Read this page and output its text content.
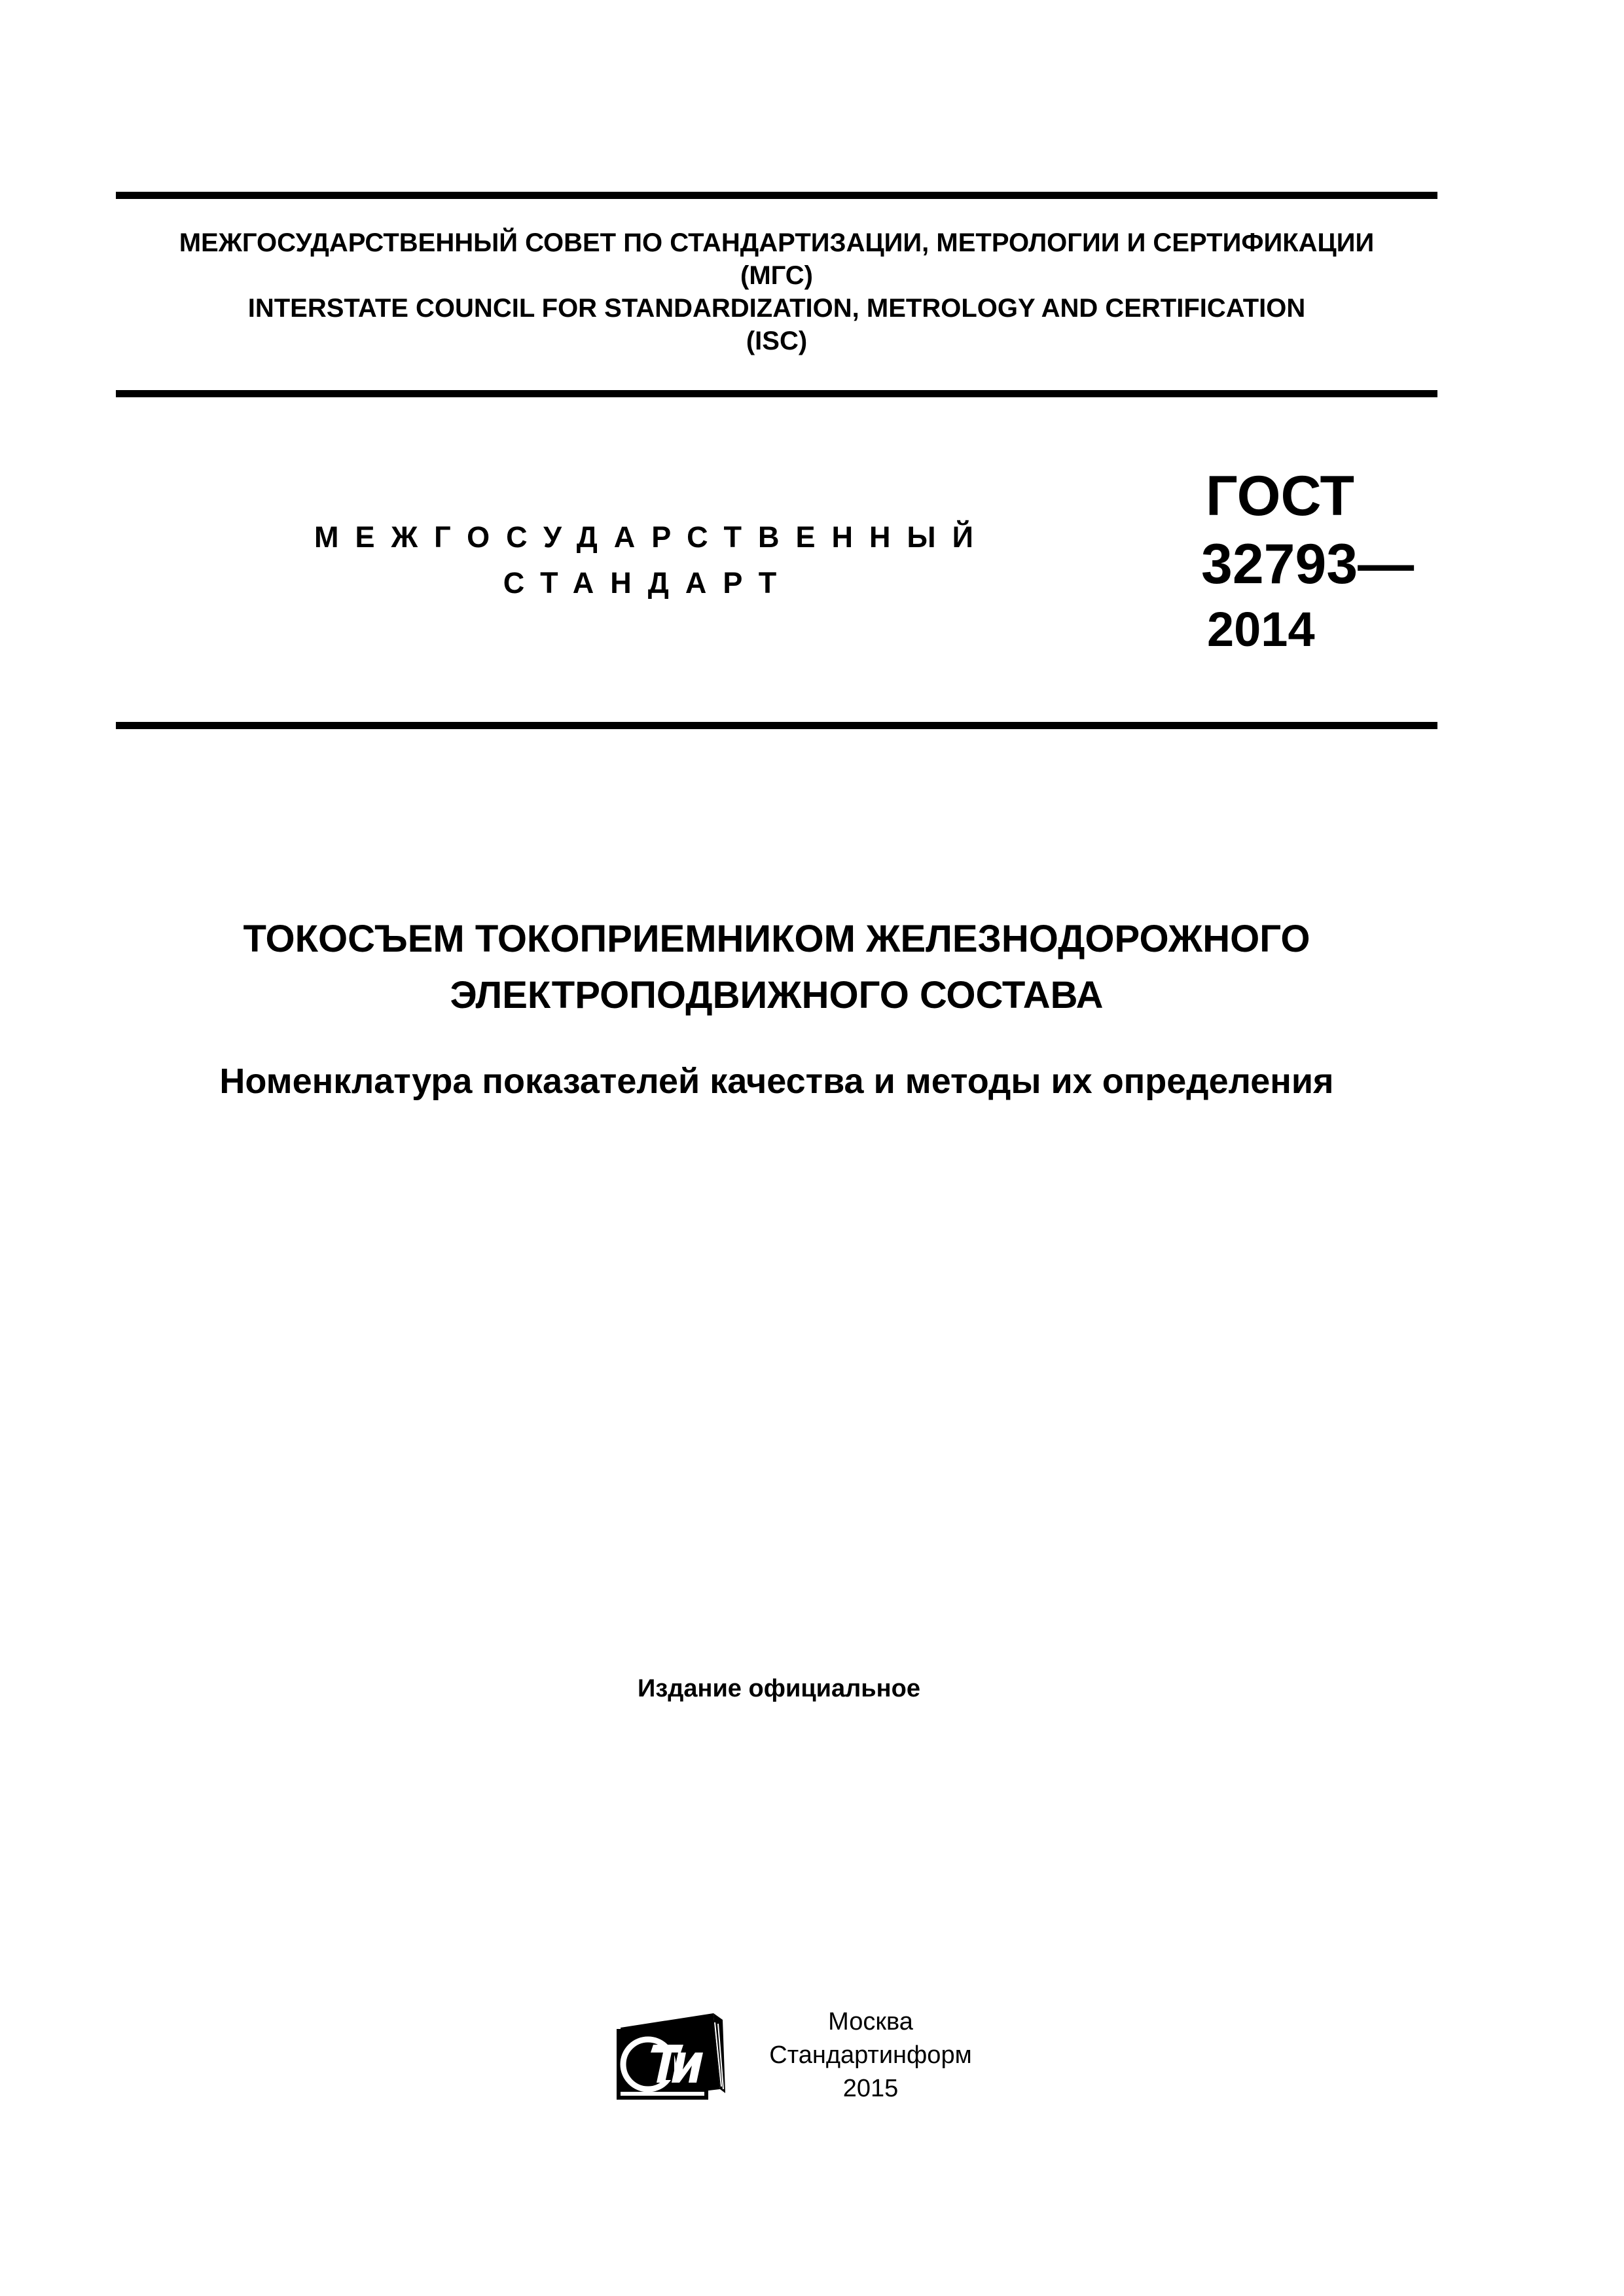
МЕЖГОСУДАРСТВЕННЫЙ СОВЕТ ПО СТАНДАРТИЗАЦИИ, МЕТРОЛОГИИ И СЕРТИФИКАЦИИ
(МГС)
INTERSTATE COUNCIL FOR STANDARDIZATION, METROLOGY AND CERTIFICATION
(ISC)
МЕЖГОСУДАРСТВЕННЫЙ
СТАНДАРТ
ГОСТ
32793—
2014
ТОКОСЪЕМ ТОКОПРИЕМНИКОМ ЖЕЛЕЗНОДОРОЖНОГО
ЭЛЕКТРОПОДВИЖНОГО СОСТАВА
Номенклатура показателей качества и методы их определения
Издание официальное
Москва
Стандартинформ
2015
